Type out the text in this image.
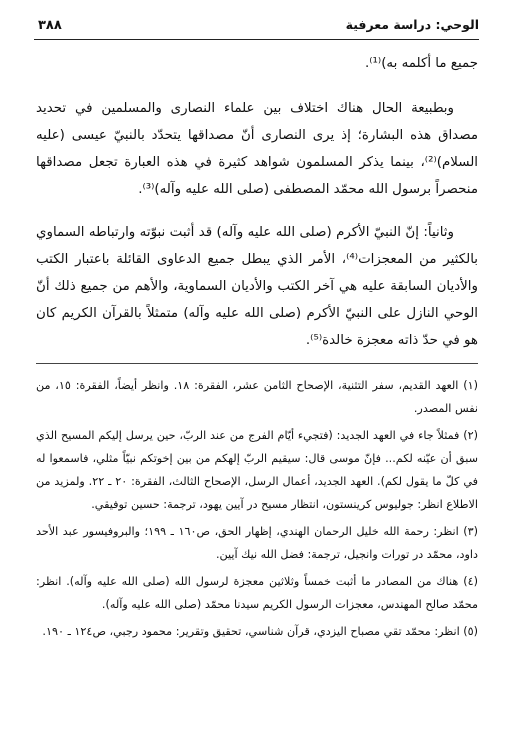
٣٨٨	الوحي: دراسة معرفية

جميع ما أكلمه به)⁽¹⁾.

وبطبيعة الحال هناك اختلاف بين علماء النصارى والمسلمين في تحديد مصداق هذه البشارة؛ إذ يرى النصارى أنّ مصداقها يتحدّد بالنبيّ عيسى (عليه السلام)⁽²⁾، بينما يذكر المسلمون شواهد كثيرة في هذه العبارة تجعل مصداقها منحصراً برسول الله محمّد المصطفى (صلى الله عليه وآله)⁽³⁾.

وثانياً: إنّ النبيّ الأكرم (صلى الله عليه وآله) قد أثبت نبوّته وارتباطه السماوي بالكثير من المعجزات⁽⁴⁾، الأمر الذي يبطل جميع الدعاوى القائلة باعتبار الكتب والأديان السابقة عليه هي آخر الكتب والأديان السماوية، والأهم من جميع ذلك أنّ الوحي النازل على النبيّ الأكرم (صلى الله عليه وآله) متمثلاً بالقرآن الكريم كان هو في حدّ ذاته معجزة خالدة⁽⁵⁾.

(١) العهد القديم، سفر التثنية، الإصحاح الثامن عشر، الفقرة: ١٨. وانظر أيضاً، الفقرة: ١٥، من نفس المصدر.

(٢) فمثلاً جاء في العهد الجديد: (فتجيء أيّام الفرج من عند الربّ، حين يرسل إليكم المسيح الذي سبق أن عيّنه لكم... فإنّ موسى قال: سيقيم الربّ إلهكم من بين إخوتكم نبيّاً مثلي، فاسمعوا له في كلّ ما يقول لكم). العهد الجديد، أعمال الرسل، الإصحاح الثالث، الفقرة: ٢٠ ـ ٢٢. ولمزيد من الاطلاع انظر: جوليوس كرينستون، انتظار مسيح در آيين يهود، ترجمة: حسين توفيقي.

(٣) انظر: رحمة الله خليل الرحمان الهندي، إظهار الحق، ص١٦٠ ـ ١٩٩؛ والبروفيسور عبد الأحد داود، محمّد در تورات وانجيل، ترجمة: فضل الله نيك آيين.

(٤) هناك من المصادر ما أثبت خمساً وثلاثين معجزة لرسول الله (صلى الله عليه وآله). انظر: محمّد صالح المهندس، معجزات الرسول الكريم سيدنا محمّد (صلى الله عليه وآله).

(٥) انظر: محمّد تقي مصباح اليزدي، قرآن شناسي، تحقيق وتقرير: محمود رجبي، ص١٢٤ ـ ١٩٠.
